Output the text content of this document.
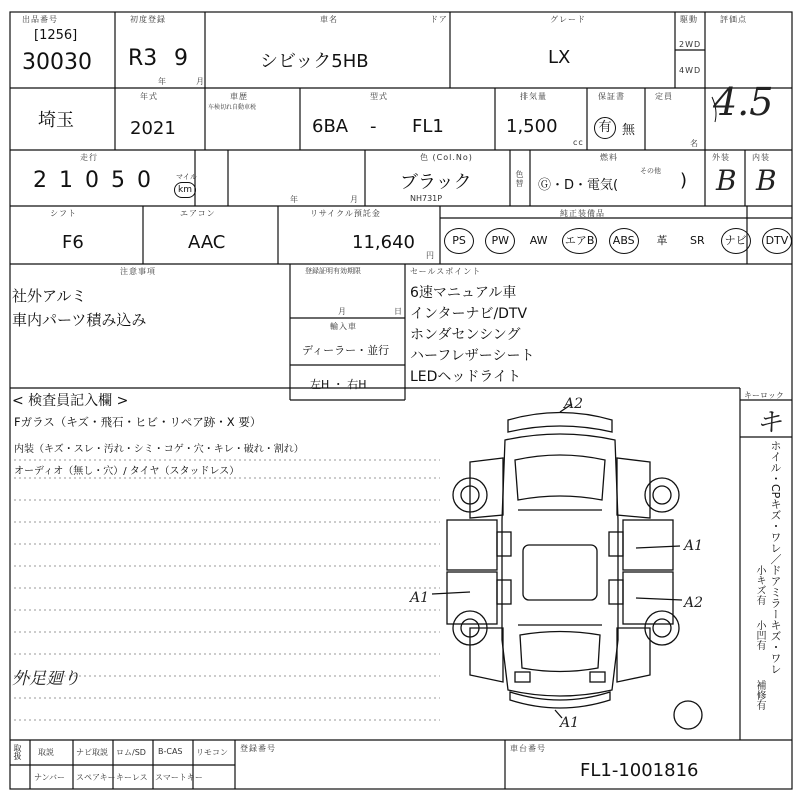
出品番号
[1256]
30030
初度登録
R3 9
年	月
車名
シビック5HB
ドア	グレード
LX
駆動
2WD
4WD
評価点
4.5
埼玉
年式
2021
車歴
车検切れ自動車税
型式
6BA - FL1
排気量
1,500
cc
保証書
有 無
定員
名
走行
2 1 0 5 0	マイル
km
年	月
色 (Col.No)
ブラック
NH731P
色替
燃料
Ⓖ・D・電気(
その他 )
外装
B
内装
B
シフト
F6
エアコン
AAC
リサイクル預託金
11,640
円
純正装備品
PS	PW	AW エアB	ABS	革	SR	ナビ	DTV
注意事項
社外アルミ
車内パーツ積み込み
登録証明有効期限
月	日
輸入車
ディーラー・並行
左H ・ 右H
セールスポイント
6速マニュアル車
インターナビ/DTV
ホンダセンシング
ハーフレザーシート
LEDヘッドライト
< 検査員記入欄 >
Fガラス（キズ・飛石・ヒビ・リペア跡・X 要）
内装（キズ・スレ・汚れ・シミ・コゲ・穴・キレ・破れ・割れ）
オーディオ（無し・穴）/ タイヤ（スタッドレス）
外足廻り
A2
A1
A1
A2
A1
キーロック
キ
ホイル・CPキズ・ワレ／ドアミラーキズ・ワレ
小キズ有
小凹有
補修有
取扱 取説	ナビ取説 ロム/SD B-CAS リモコン
ナンバー スペアキー キーレス スマートキー
登録番号	車台番号
FL1-1001816
